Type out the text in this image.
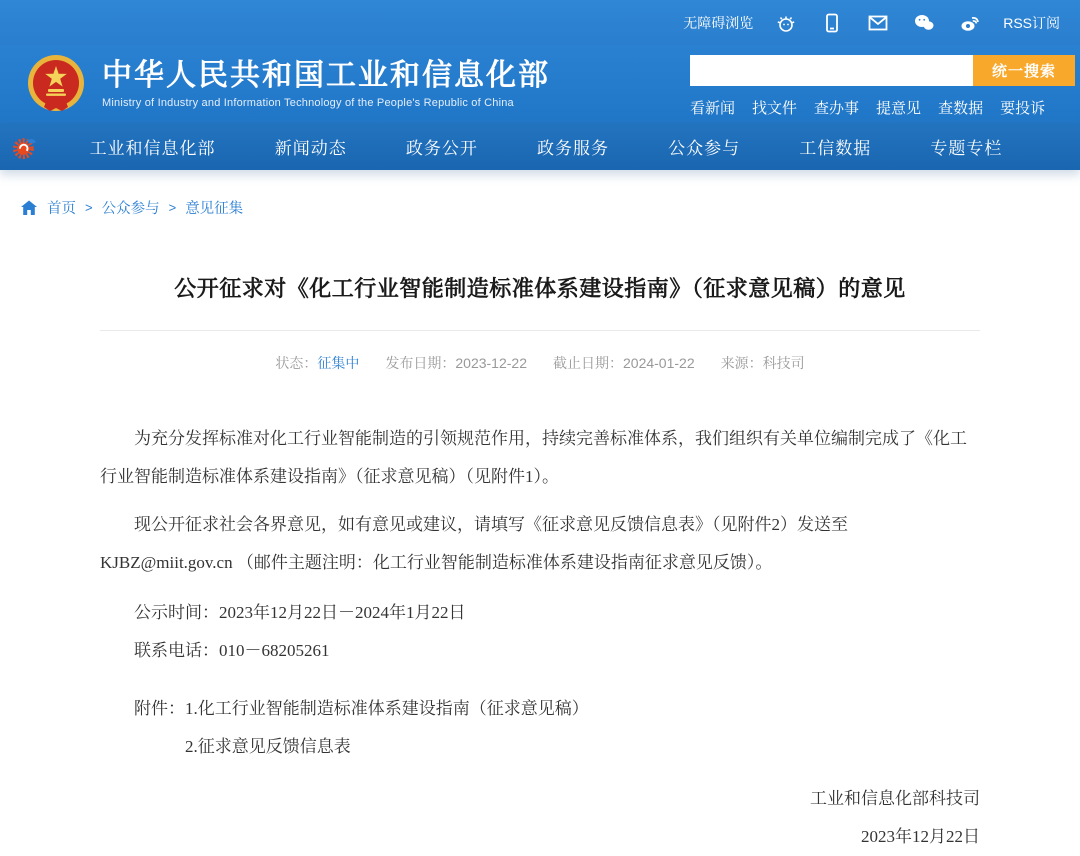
无障碍浏览	RSS订阅
中华人民共和国工业和信息化部
Ministry of Industry and Information Technology of the People's Republic of China
统一搜索
看新闻 找文件 查办事 提意见 查数据 要投诉
工业和信息化部	新闻动态	政务公开	政务服务	公众参与	工信数据	专题专栏
首页 > 公众参与 > 意见征集
公开征求对《化工行业智能制造标准体系建设指南》（征求意见稿）的意见
状态：征集中 发布日期：2023-12-22 截止日期：2024-01-22 来源：科技司

为充分发挥标准对化工行业智能制造的引领规范作用，持续完善标准体系，我们组织有关单位编制完成了《化工行业智能制造标准体系建设指南》（征求意见稿）（见附件1）。

现公开征求社会各界意见，如有意见或建议，请填写《征求意见反馈信息表》（见附件2）发送至 KJBZ@miit.gov.cn （邮件主题注明：化工行业智能制造标准体系建设指南征求意见反馈）。

公示时间：2023年12月22日－2024年1月22日
联系电话：010－68205261
附件： 1.化工行业智能制造标准体系建设指南（征求意见稿）
2.征求意见反馈信息表
工业和信息化部科技司
2023年12月22日
